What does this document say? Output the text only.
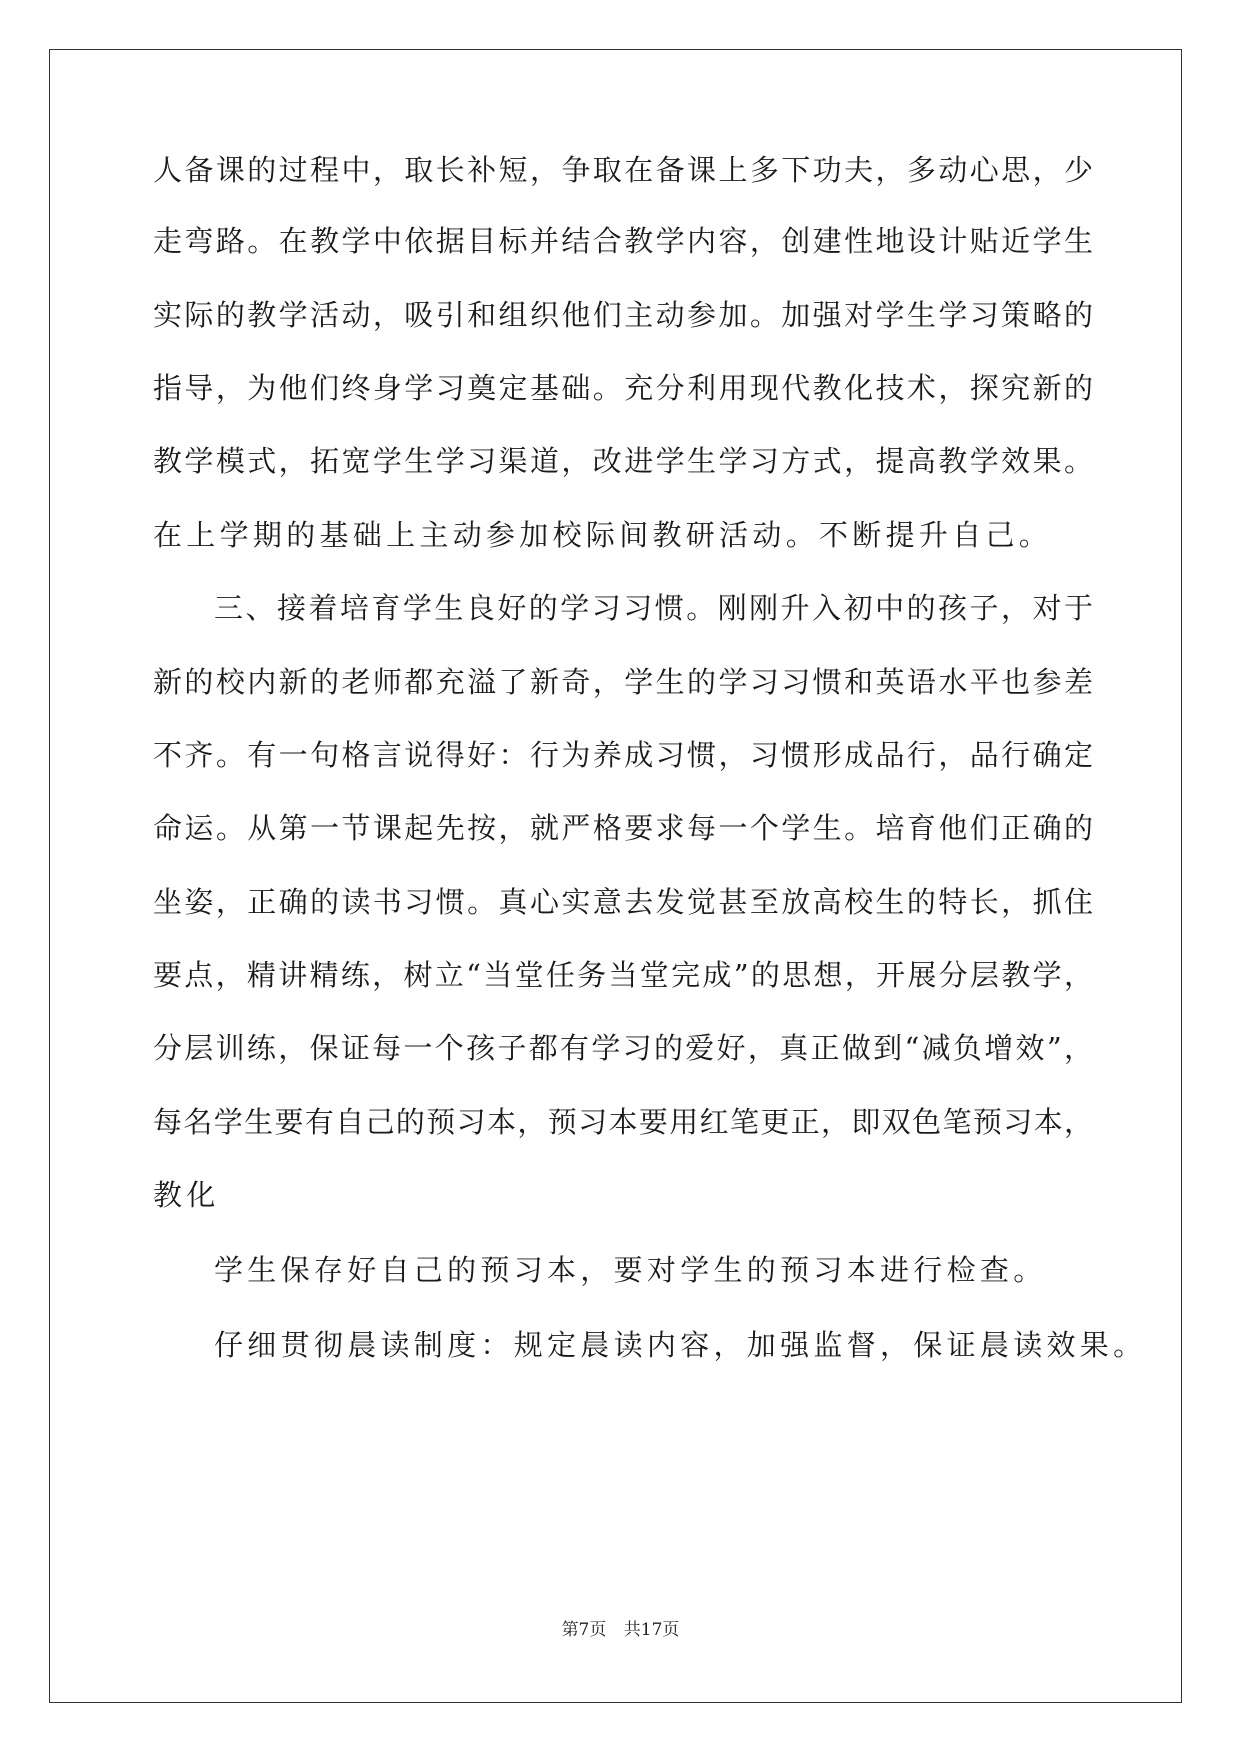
人备课的过程中，取长补短，争取在备课上多下功夫，多动心思，少
走弯路。在教学中依据目标并结合教学内容，创建性地设计贴近学生
实际的教学活动，吸引和组织他们主动参加。加强对学生学习策略的
指导，为他们终身学习奠定基础。充分利用现代教化技术，探究新的
教学模式，拓宽学生学习渠道，改进学生学习方式，提高教学效果。
在上学期的基础上主动参加校际间教研活动。不断提升自己。
三、接着培育学生良好的学习习惯。刚刚升入初中的孩子，对于
新的校内新的老师都充溢了新奇，学生的学习习惯和英语水平也参差
不齐。有一句格言说得好：行为养成习惯，习惯形成品行，品行确定
命运。从第一节课起先按，就严格要求每一个学生。培育他们正确的
坐姿，正确的读书习惯。真心实意去发觉甚至放高校生的特长，抓住
要点，精讲精练，树立“当堂任务当堂完成”的思想，开展分层教学，
分层训练，保证每一个孩子都有学习的爱好，真正做到“减负增效”，
每名学生要有自己的预习本，预习本要用红笔更正，即双色笔预习本，
教化
学生保存好自己的预习本，要对学生的预习本进行检查。
仔细贯彻晨读制度：规定晨读内容，加强监督，保证晨读效果。
第7页 共17页
